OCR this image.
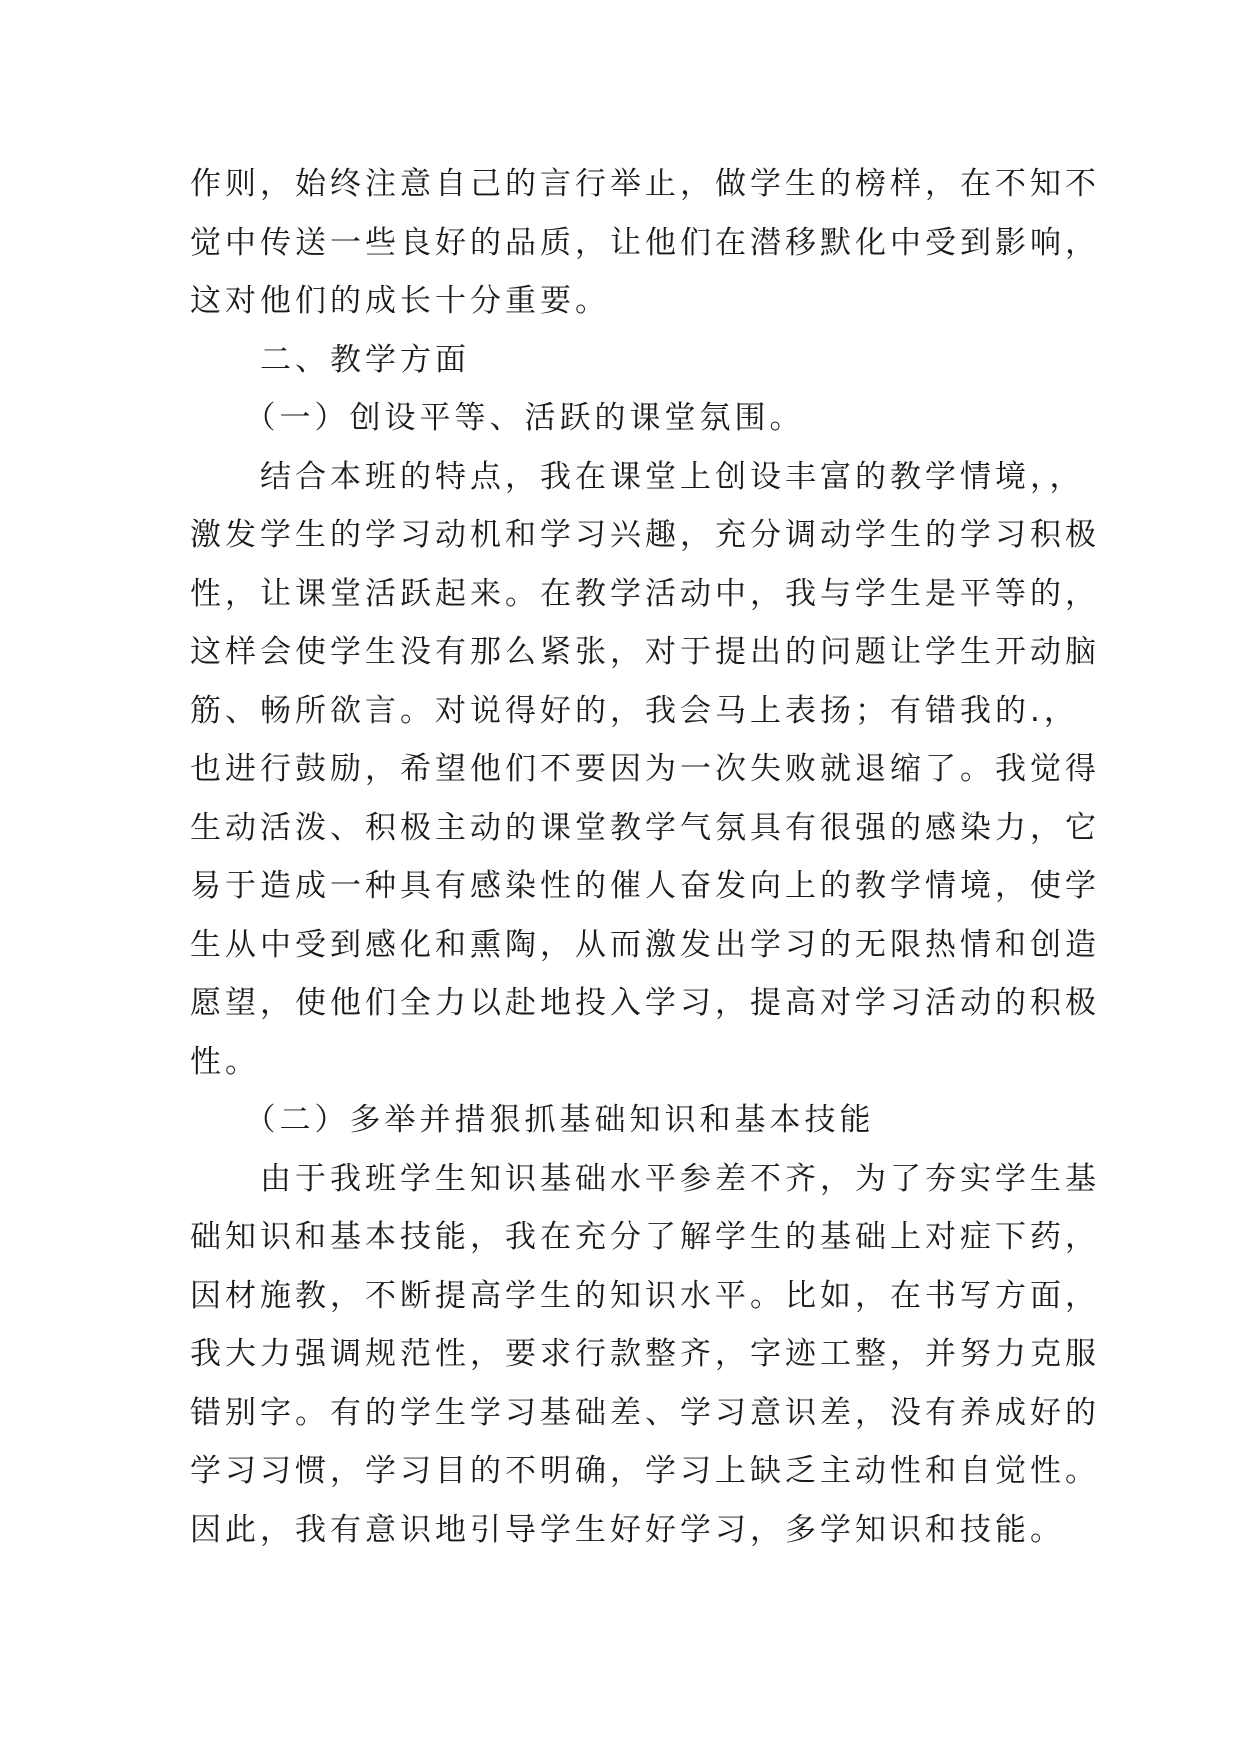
作则，始终注意自己的言行举止，做学生的榜样，在不知不
觉中传送一些良好的品质，让他们在潜移默化中受到影响，
这对他们的成长十分重要。
　　二、教学方面
　　（一）创设平等、活跃的课堂氛围。
　　结合本班的特点，我在课堂上创设丰富的教学情境，，
激发学生的学习动机和学习兴趣，充分调动学生的学习积极
性，让课堂活跃起来。在教学活动中，我与学生是平等的，
这样会使学生没有那么紧张，对于提出的问题让学生开动脑
筋、畅所欲言。对说得好的，我会马上表扬；有错我的.，
也进行鼓励，希望他们不要因为一次失败就退缩了。我觉得
生动活泼、积极主动的课堂教学气氛具有很强的感染力，它
易于造成一种具有感染性的催人奋发向上的教学情境，使学
生从中受到感化和熏陶，从而激发出学习的无限热情和创造
愿望，使他们全力以赴地投入学习，提高对学习活动的积极
性。
　　（二）多举并措狠抓基础知识和基本技能
　　由于我班学生知识基础水平参差不齐，为了夯实学生基
础知识和基本技能，我在充分了解学生的基础上对症下药，
因材施教，不断提高学生的知识水平。比如，在书写方面，
我大力强调规范性，要求行款整齐，字迹工整，并努力克服
错别字。有的学生学习基础差、学习意识差，没有养成好的
学习习惯，学习目的不明确，学习上缺乏主动性和自觉性。
因此，我有意识地引导学生好好学习，多学知识和技能。
